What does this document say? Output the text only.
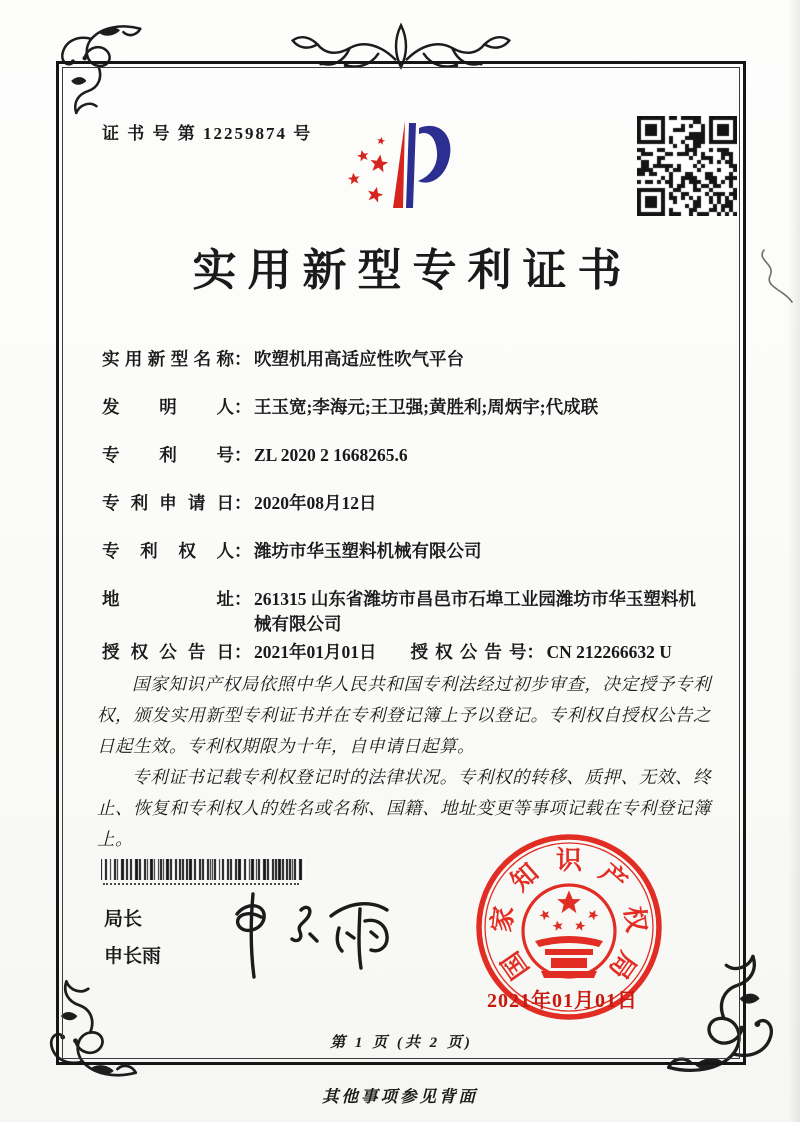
证 书 号 第 12259874 号
实用新型专利证书
实用新型名称 ： 吹塑机用高适应性吹气平台
发明人 ： 王玉宽;李海元;王卫强;黄胜利;周炳宇;代成联
专利号 ： ZL 2020 2 1668265.6
专利申请日 ： 2020年08月12日
专利权人 ： 潍坊市华玉塑料机械有限公司
地址 ： 261315 山东省潍坊市昌邑市石埠工业园潍坊市华玉塑料机械有限公司
授权公告日 ： 2021年01月01日 授权公告号 ： CN 212266632 U

国家知识产权局依照中华人民共和国专利法经过初步审查，决定授予专利权，颁发实用新型专利证书并在专利登记簿上予以登记。专利权自授权公告之日起生效。专利权期限为十年，自申请日起算。

专利证书记载专利权登记时的法律状况。专利权的转移、质押、无效、终止、恢复和专利权人的姓名或名称、国籍、地址变更等事项记载在专利登记簿上。

局长
申长雨	国
家
知 识 产
权
局
2021年01月01日
第 1 页 (共 2 页)
其他事项参见背面
